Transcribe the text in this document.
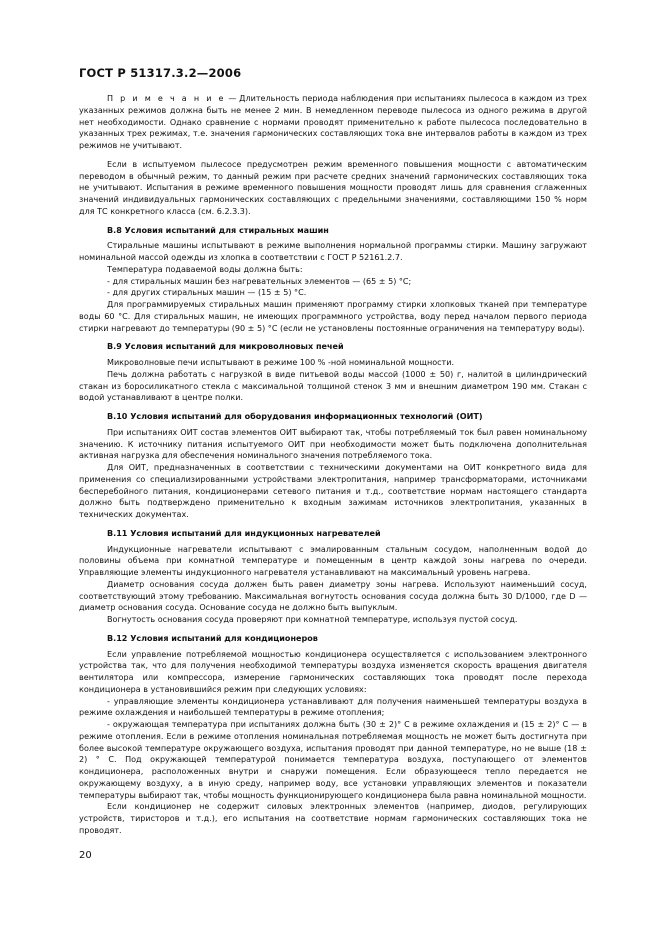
ГОСТ Р 51317.3.2—2006

П р и м е ч а н и е — Длительность периода наблюдения при испытаниях пылесоса в каждом из трех указанных режимов должна быть не менее 2 мин. В немедленном переводе пылесоса из одного режима в другой нет необходимости. Однако сравнение с нормами проводят применительно к работе пылесоса последовательно в указанных трех режимах, т.е. значения гармонических составляющих тока вне интервалов работы в каждом из трех режимов не учитывают.

Если в испытуемом пылесосе предусмотрен режим временного повышения мощности с автоматическим переводом в обычный режим, то данный режим при расчете средних значений гармонических составляющих тока не учитывают. Испытания в режиме временного повышения мощности проводят лишь для сравнения сглаженных значений индивидуальных гармонических составляющих с предельными значениями, составляющими 150 % норм для ТС конкретного класса (см. 6.2.3.3).

В.8 Условия испытаний для стиральных машин

Стиральные машины испытывают в режиме выполнения нормальной программы стирки. Машину загружают номинальной массой одежды из хлопка в соответствии с ГОСТ Р 52161.2.7.

Температура подаваемой воды должна быть:

- для стиральных машин без нагревательных элементов — (65 ± 5) °С;

- для других стиральных машин — (15 ± 5) °С.

Для программируемых стиральных машин применяют программу стирки хлопковых тканей при температуре воды 60 °С. Для стиральных машин, не имеющих программного устройства, воду перед началом первого периода стирки нагревают до температуры (90 ± 5) °С (если не установлены постоянные ограничения на температуру воды).

В.9 Условия испытаний для микроволновых печей

Микроволновые печи испытывают в режиме 100 % -ной номинальной мощности.

Печь должна работать с нагрузкой в виде питьевой воды массой (1000 ± 50) г, налитой в цилиндрический стакан из боросиликатного стекла с максимальной толщиной стенок 3 мм и внешним диаметром 190 мм. Стакан с водой устанавливают в центре полки.

В.10 Условия испытаний для оборудования информационных технологий (ОИТ)

При испытаниях ОИТ состав элементов ОИТ выбирают так, чтобы потребляемый ток был равен номинальному значению. К источнику питания испытуемого ОИТ при необходимости может быть подключена дополнительная активная нагрузка для обеспечения номинального значения потребляемого тока.

Для ОИТ, предназначенных в соответствии с техническими документами на ОИТ конкретного вида для применения со специализированными устройствами электропитания, например трансформаторами, источниками бесперебойного питания, кондиционерами сетевого питания и т.д., соответствие нормам настоящего стандарта должно быть подтверждено применительно к входным зажимам источников электропитания, указанных в технических документах.

В.11 Условия испытаний для индукционных нагревателей

Индукционные нагреватели испытывают с эмалированным стальным сосудом, наполненным водой до половины объема при комнатной температуре и помещенным в центр каждой зоны нагрева по очереди. Управляющие элементы индукционного нагревателя устанавливают на максимальный уровень нагрева.

Диаметр основания сосуда должен быть равен диаметру зоны нагрева. Используют наименьший сосуд, соответствующий этому требованию. Максимальная вогнутость основания сосуда должна быть 30 D/1000, где D — диаметр основания сосуда. Основание сосуда не должно быть выпуклым.

Вогнутость основания сосуда проверяют при комнатной температуре, используя пустой сосуд.

В.12 Условия испытаний для кондиционеров

Если управление потребляемой мощностью кондиционера осуществляется с использованием электронного устройства так, что для получения необходимой температуры воздуха изменяется скорость вращения двигателя вентилятора или компрессора, измерение гармонических составляющих тока проводят после перехода кондиционера в установившийся режим при следующих условиях:

- управляющие элементы кондиционера устанавливают для получения наименьшей температуры воздуха в режиме охлаждения и наибольшей температуры в режиме отопления;

- окружающая температура при испытаниях должна быть (30 ± 2)° С в режиме охлаждения и (15 ± 2)° С — в режиме отопления. Если в режиме отопления номинальная потребляемая мощность не может быть достигнута при более высокой температуре окружающего воздуха, испытания проводят при данной температуре, но не выше (18 ± 2) ° С. Под окружающей температурой понимается температура воздуха, поступающего от элементов кондиционера, расположенных внутри и снаружи помещения. Если образующееся тепло передается не окружающему воздуху, а в иную среду, например воду, все установки управляющих элементов и показатели температуры выбирают так, чтобы мощность функционирующего кондиционера была равна номинальной мощности.

Если кондиционер не содержит силовых электронных элементов (например, диодов, регулирующих устройств, тиристоров и т.д.), его испытания на соответствие нормам гармонических составляющих тока не проводят.

20
